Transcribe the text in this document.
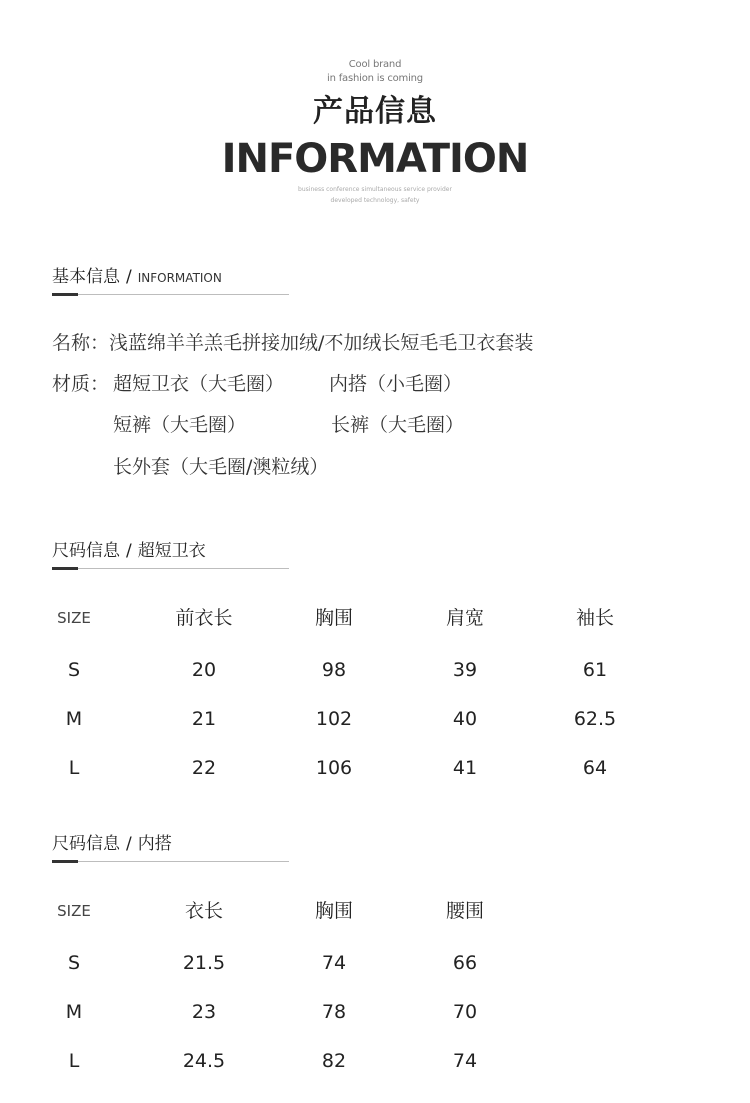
Cool brand
in fashion is coming
产品信息
INFORMATION
business conference simultaneous service provider
developed technology, safety
基本信息 / INFORMATION
名称：浅蓝绵羊羊羔毛拼接加绒/不加绒长短毛毛卫衣套装
材质： 超短卫衣（大毛圈） 内搭（小毛圈）
短裤（大毛圈）	长裤（大毛圈）
长外套（大毛圈/澳粒绒）
尺码信息 / 超短卫衣
SIZE	前衣长	胸围	肩宽	袖长
S	20	98	39	61
M	21	102	40	62.5
L	22	106	41	64
尺码信息 / 内搭
SIZE	衣长	胸围	腰围
S	21.5	74	66
M	23	78	70
L	24.5	82	74
